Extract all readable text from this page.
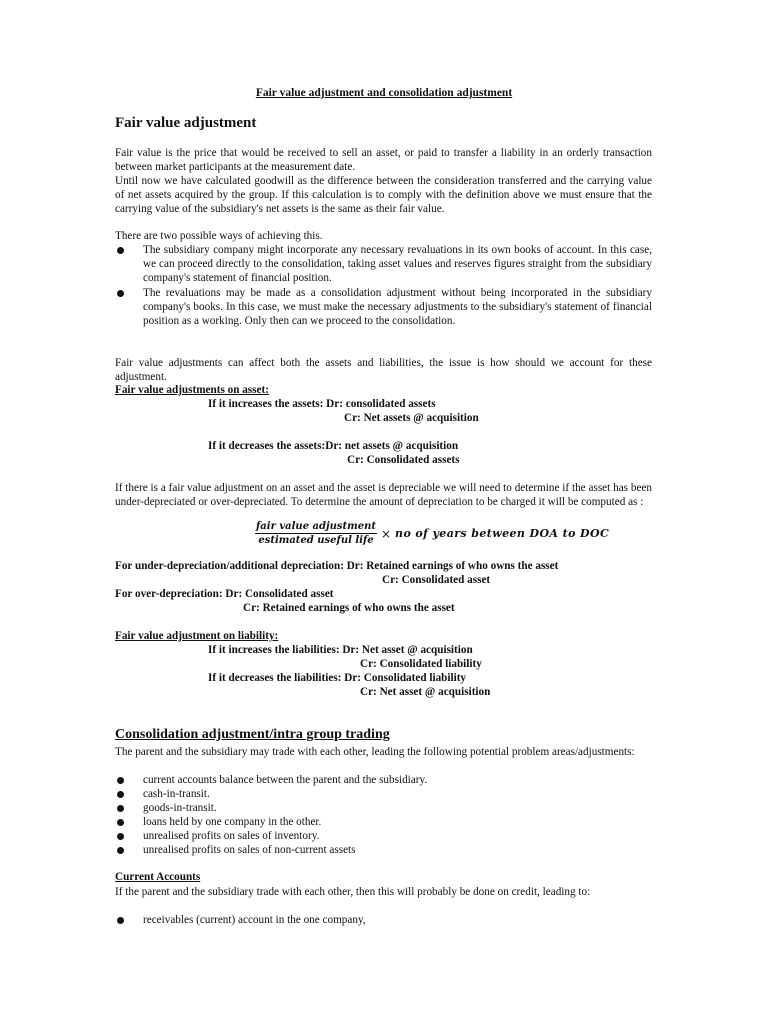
Fair value adjustment and consolidation adjustment
Fair value adjustment
Fair value is the price that would be received to sell an asset, or paid to transfer a liability in an orderly transaction between market participants at the measurement date.
Until now we have calculated goodwill as the difference between the consideration transferred and the carrying value of net assets acquired by the group. If this calculation is to comply with the definition above we must ensure that the carrying value of the subsidiary's net assets is the same as their fair value.
There are two possible ways of achieving this.
The subsidiary company might incorporate any necessary revaluations in its own books of account. In this case, we can proceed directly to the consolidation, taking asset values and reserves figures straight from the subsidiary company's statement of financial position.
The revaluations may be made as a consolidation adjustment without being incorporated in the subsidiary company's books. In this case, we must make the necessary adjustments to the subsidiary's statement of financial position as a working. Only then can we proceed to the consolidation.
Fair value adjustments can affect both the assets and liabilities, the issue is how should we account for these adjustment.
Fair value adjustments on asset:
If it increases the assets: Dr: consolidated assets
Cr: Net assets @ acquisition
If it decreases the assets:Dr: net assets @ acquisition
Cr: Consolidated assets
If there is a fair value adjustment on an asset and the asset is depreciable we will need to determine if the asset has been under-depreciated or over-depreciated. To determine the amount of depreciation to be charged it will be computed as :
$\frac{\text{fair value adjustment}}{\text{estimated useful life}}$ × no of years between DOA to DOC
For under-depreciation/additional depreciation: Dr: Retained earnings of who owns the asset
Cr: Consolidated asset
For over-depreciation: Dr: Consolidated asset
Cr: Retained earnings of who owns the asset
Fair value adjustment on liability:
If it increases the liabilities: Dr: Net asset @ acquisition
Cr: Consolidated liability
If it decreases the liabilities: Dr: Consolidated liability
Cr: Net asset @ acquisition
Consolidation adjustment/intra group trading
The parent and the subsidiary may trade with each other, leading the following potential problem areas/adjustments:
current accounts balance between the parent and the subsidiary.
cash-in-transit.
goods-in-transit.
loans held by one company in the other.
unrealised profits on sales of inventory.
unrealised profits on sales of non-current assets
Current Accounts
If the parent and the subsidiary trade with each other, then this will probably be done on credit, leading to:
receivables (current) account in the one company,
